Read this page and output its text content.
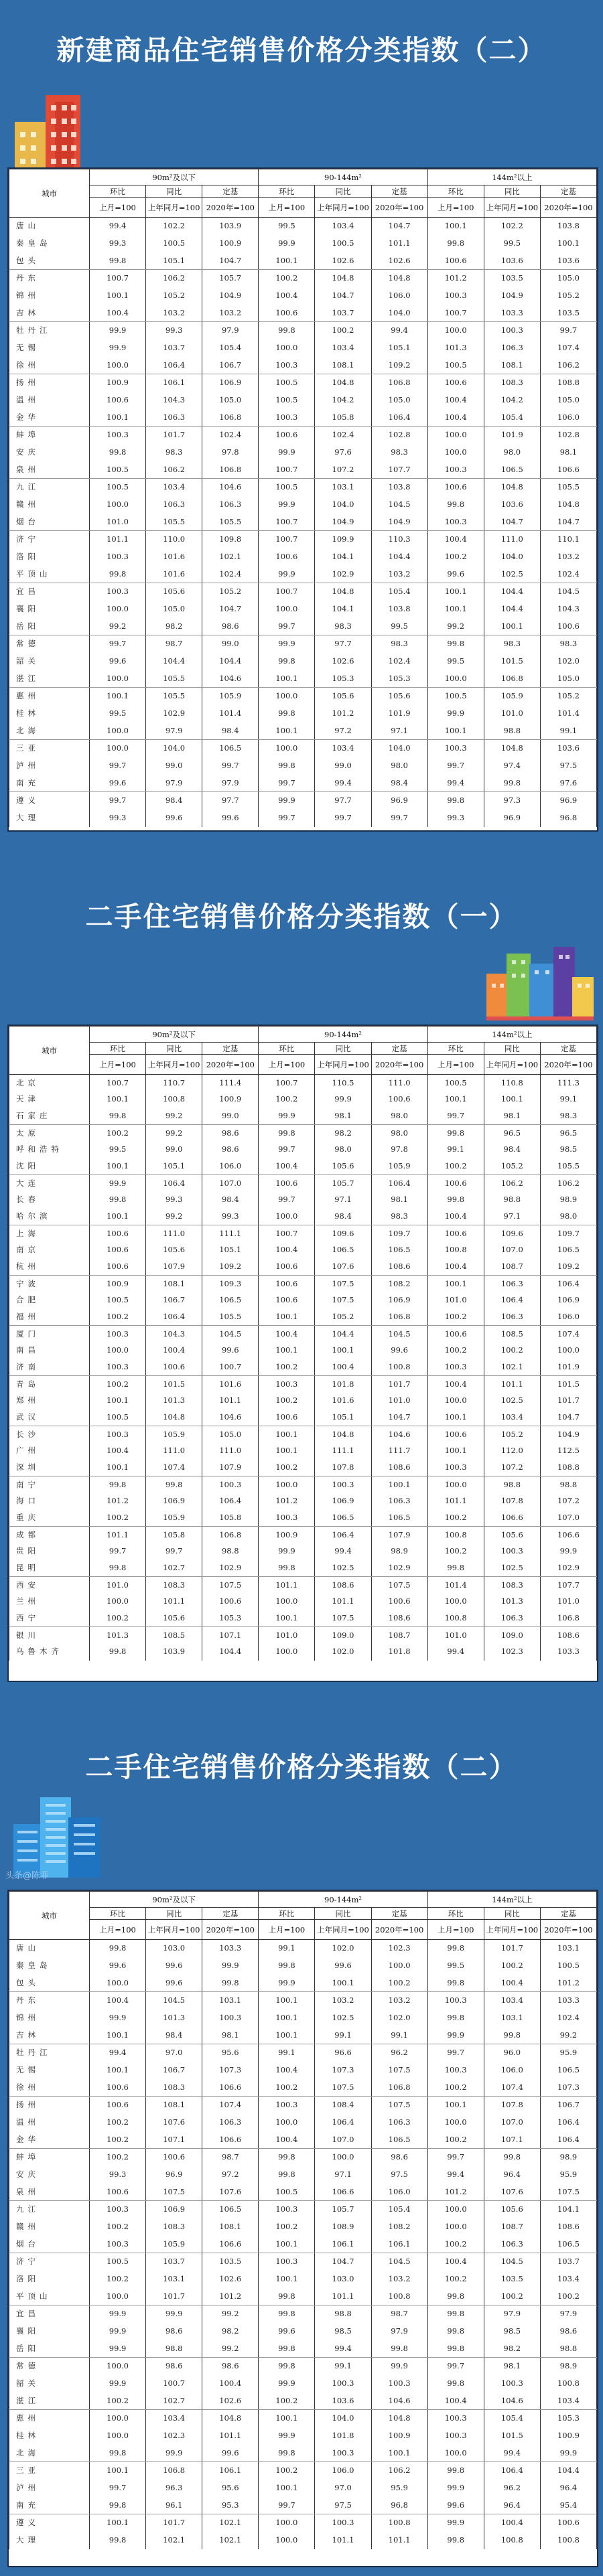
新建商品住宅销售价格分类指数（二）
城市	90m²及以下			90-144m²			144m²以上		
	环比	同比	定基	环比	同比	定基	环比	同比	定基
	上月=100	上年同月=100	2020年=100	上月=100	上年同月=100	2020年=100	上月=100	上年同月=100	2020年=100
唐山	99.4	102.2	103.9	99.5	103.4	104.7	100.1	102.2	103.8
秦皇岛	99.3	100.5	100.9	99.9	100.5	101.1	99.8	99.5	100.1
包头	99.8	105.1	104.7	100.1	102.6	102.6	100.6	103.6	103.6
丹东	100.7	106.2	105.7	100.2	104.8	104.8	101.2	103.5	105.0
锦州	100.1	105.2	104.9	100.4	104.7	106.0	100.3	104.9	105.2
吉林	100.4	103.2	103.2	100.6	103.7	104.0	100.7	103.3	103.5
牡丹江	99.9	99.3	97.9	99.8	100.2	99.4	100.0	100.3	99.7
无锡	99.9	103.7	105.4	100.0	103.4	105.1	101.3	106.3	107.4
徐州	100.0	106.4	106.7	100.3	108.1	109.2	100.5	108.1	106.2
扬州	100.9	106.1	106.9	100.5	104.8	106.8	100.6	108.3	108.8
温州	100.6	104.3	105.0	100.5	104.2	105.0	100.4	104.2	105.0
金华	100.1	106.3	106.8	100.3	105.8	106.4	100.4	105.4	106.0
蚌埠	100.3	101.7	102.4	100.6	102.4	102.8	100.0	101.9	102.8
安庆	99.8	98.3	97.8	99.9	97.6	98.3	100.0	98.0	98.1
泉州	100.5	106.2	106.8	100.7	107.2	107.7	100.3	106.5	106.6
九江	100.5	103.4	104.6	100.5	103.1	103.8	100.6	104.8	105.5
赣州	100.0	106.3	106.3	99.9	104.0	104.5	99.8	103.6	104.8
烟台	101.0	105.5	105.5	100.7	104.9	104.9	100.3	104.7	104.7
济宁	101.1	110.0	109.8	100.7	109.9	110.3	100.4	111.0	110.1
洛阳	100.3	101.6	102.1	100.6	104.1	104.4	100.2	104.0	103.2
平顶山	99.8	101.6	102.4	99.9	102.9	103.2	99.6	102.5	102.4
宜昌	100.3	105.6	105.2	100.7	104.8	105.4	100.1	104.4	104.5
襄阳	100.0	105.0	104.7	100.0	104.1	103.8	100.1	104.4	104.3
岳阳	99.2	98.2	98.6	99.7	98.3	99.5	99.2	100.1	100.6
常德	99.7	98.7	99.0	99.9	97.7	98.3	99.8	98.3	98.3
韶关	99.6	104.4	104.4	99.8	102.6	102.4	99.5	101.5	102.0
湛江	100.0	105.5	104.6	100.1	105.3	105.3	100.0	106.8	105.0
惠州	100.1	105.5	105.9	100.0	105.6	105.6	100.5	105.9	105.2
桂林	99.5	102.9	101.4	99.8	101.2	101.9	99.9	101.0	101.4
北海	100.0	97.9	98.4	100.1	97.2	97.1	100.1	98.8	99.1
三亚	100.0	104.0	106.5	100.0	103.4	104.0	100.3	104.8	103.6
泸州	99.7	99.0	99.7	99.8	99.0	98.0	99.7	97.4	97.5
南充	99.6	97.9	97.9	99.7	99.4	98.4	99.4	99.8	97.6
遵义	99.7	98.4	97.7	99.9	97.7	96.9	99.8	97.3	96.9
大理	99.3	99.6	99.6	99.7	99.7	99.7	99.3	96.9	96.8
二手住宅销售价格分类指数（一）
城市	90m²及以下			90-144m²			144m²以上		
	环比	同比	定基	环比	同比	定基	环比	同比	定基
	上月=100	上年同月=100	2020年=100	上月=100	上年同月=100	2020年=100	上月=100	上年同月=100	2020年=100
北京	100.7	110.7	111.4	100.7	110.5	111.0	100.5	110.8	111.3
天津	100.1	100.8	100.9	100.2	99.9	100.6	100.1	100.1	99.1
石家庄	99.8	99.2	99.0	99.9	98.1	98.0	99.7	98.1	98.3
太原	100.2	99.2	98.6	99.8	98.2	98.0	99.8	96.5	96.5
呼和浩特	99.5	99.0	98.6	99.7	98.0	97.8	99.1	98.4	98.5
沈阳	100.1	105.1	106.0	100.4	105.6	105.9	100.2	105.2	105.5
大连	99.9	106.4	107.0	100.6	105.7	106.4	100.6	106.2	106.2
长春	99.8	99.3	98.4	99.7	97.1	98.1	99.8	98.8	98.9
哈尔滨	100.1	99.2	99.3	100.0	98.4	98.3	100.4	97.1	98.0
上海	100.6	111.0	111.1	100.7	109.6	109.7	100.6	109.6	109.7
南京	100.6	105.6	105.1	100.4	106.5	106.5	100.8	107.0	106.5
杭州	100.6	107.9	109.2	100.6	107.6	108.6	100.4	108.7	109.2
宁波	100.9	108.1	109.3	100.6	107.5	108.2	100.1	106.3	106.4
合肥	100.5	106.7	106.5	100.6	107.5	106.9	101.0	106.4	106.9
福州	100.2	106.4	105.5	100.1	105.2	106.8	100.2	106.3	106.0
厦门	100.3	104.3	104.5	100.4	104.4	104.5	100.6	108.5	107.4
南昌	100.0	100.4	99.6	100.1	100.1	99.6	100.2	100.2	100.0
济南	100.3	100.6	100.7	100.2	100.4	100.8	100.3	102.1	101.9
青岛	100.2	101.5	101.6	100.3	101.8	101.7	100.4	101.1	101.5
郑州	100.1	101.3	101.1	100.2	101.6	101.0	100.0	102.5	101.7
武汉	100.5	104.8	104.6	100.6	105.1	104.7	100.1	103.4	104.7
长沙	100.3	105.9	105.0	100.1	104.8	104.6	100.6	105.2	104.9
广州	100.4	111.0	111.0	100.1	111.1	111.7	100.1	112.0	112.5
深圳	100.1	107.4	107.9	100.2	107.8	108.6	100.3	107.2	108.8
南宁	99.8	99.8	100.3	100.0	100.3	100.1	100.0	98.8	98.8
海口	101.2	106.9	106.4	101.2	106.9	106.3	101.1	107.8	107.2
重庆	100.2	105.9	105.8	100.3	106.5	106.5	100.2	106.6	107.0
成都	101.1	105.8	106.8	100.9	106.4	107.9	100.8	105.6	106.6
贵阳	99.7	99.7	98.8	99.9	99.4	98.9	100.2	100.3	99.9
昆明	99.8	102.7	102.9	99.8	102.5	102.9	99.8	102.5	102.9
西安	101.0	108.3	107.5	101.1	108.6	107.5	101.4	108.3	107.7
兰州	100.0	101.1	100.6	100.0	101.1	100.6	100.0	101.3	101.0
西宁	100.2	105.6	105.3	100.1	107.5	108.6	100.8	106.3	106.8
银川	101.3	108.5	107.1	101.0	109.0	108.7	101.0	109.0	108.6
乌鲁木齐	99.8	103.9	104.4	100.0	102.0	101.8	99.4	102.3	103.3
二手住宅销售价格分类指数（二）
头条@陈菲
城市	90m²及以下			90-144m²			144m²以上		
	环比	同比	定基	环比	同比	定基	环比	同比	定基
	上月=100	上年同月=100	2020年=100	上月=100	上年同月=100	2020年=100	上月=100	上年同月=100	2020年=100
唐山	99.8	103.0	103.3	99.1	102.0	102.3	99.8	101.7	103.1
秦皇岛	99.6	99.6	99.9	99.8	99.6	100.0	99.5	100.2	100.5
包头	100.0	99.6	99.8	99.9	100.1	100.2	99.8	100.4	101.2
丹东	100.4	104.5	103.1	100.1	103.2	103.2	100.3	103.4	103.3
锦州	99.9	101.3	100.3	100.1	102.5	102.0	99.8	103.1	102.4
吉林	100.1	98.4	98.1	100.1	99.1	99.1	99.9	99.8	99.2
牡丹江	99.4	97.0	95.6	99.1	96.6	96.2	99.7	96.0	95.9
无锡	100.1	106.7	107.3	100.4	107.3	107.5	100.3	106.0	106.5
徐州	100.6	108.3	106.6	100.2	107.5	106.8	100.2	107.4	107.3
扬州	100.6	108.1	107.4	100.3	108.4	107.5	100.1	107.8	106.7
温州	100.2	107.6	106.3	100.0	106.4	106.3	100.0	107.0	106.4
金华	100.2	107.1	106.6	100.4	107.0	106.5	100.2	107.1	106.4
蚌埠	100.2	100.6	98.7	99.8	100.0	98.6	99.7	99.8	98.9
安庆	99.3	96.9	97.2	99.8	97.1	97.5	99.4	96.4	95.9
泉州	100.6	107.5	107.6	100.5	106.6	106.0	101.2	107.6	107.5
九江	100.3	106.9	106.5	100.3	105.7	105.4	100.0	105.6	104.1
赣州	100.2	108.3	108.1	100.2	108.9	108.2	100.0	108.7	108.6
烟台	100.3	105.9	106.6	100.1	106.1	106.1	100.2	106.3	106.5
济宁	100.5	103.7	103.5	100.3	104.7	104.5	100.4	104.5	103.7
洛阳	100.2	103.1	102.6	100.1	103.0	103.2	100.2	103.5	103.4
平顶山	100.0	101.7	101.2	99.8	101.1	100.8	99.8	100.2	100.2
宜昌	99.9	99.9	99.2	99.8	98.8	98.7	99.8	97.9	97.9
襄阳	99.9	98.6	98.2	99.6	98.5	97.9	99.8	98.5	98.6
岳阳	99.9	98.8	99.2	99.8	99.4	99.8	99.8	98.2	98.8
常德	100.0	98.6	98.6	99.8	99.1	99.9	99.7	98.1	98.9
韶关	99.9	100.7	100.4	99.9	100.3	100.3	99.8	100.3	100.8
湛江	100.2	102.7	102.6	100.2	103.6	104.6	100.4	104.6	103.4
惠州	100.0	103.4	104.8	100.1	104.0	104.8	100.3	105.4	105.3
桂林	100.0	102.3	101.1	99.9	101.8	100.9	100.3	101.5	100.9
北海	99.8	99.9	99.6	99.8	100.3	100.1	100.0	99.4	99.9
三亚	100.1	106.8	106.1	100.2	106.0	106.2	99.8	106.4	104.4
泸州	99.7	96.3	95.6	100.1	97.0	95.9	99.9	96.2	96.4
南充	99.8	96.1	95.3	99.7	97.5	96.8	99.6	96.4	95.4
遵义	100.1	101.7	102.1	100.0	100.3	100.8	99.9	100.4	100.6
大理	99.8	102.1	102.1	100.0	101.1	101.1	99.8	100.8	100.8
